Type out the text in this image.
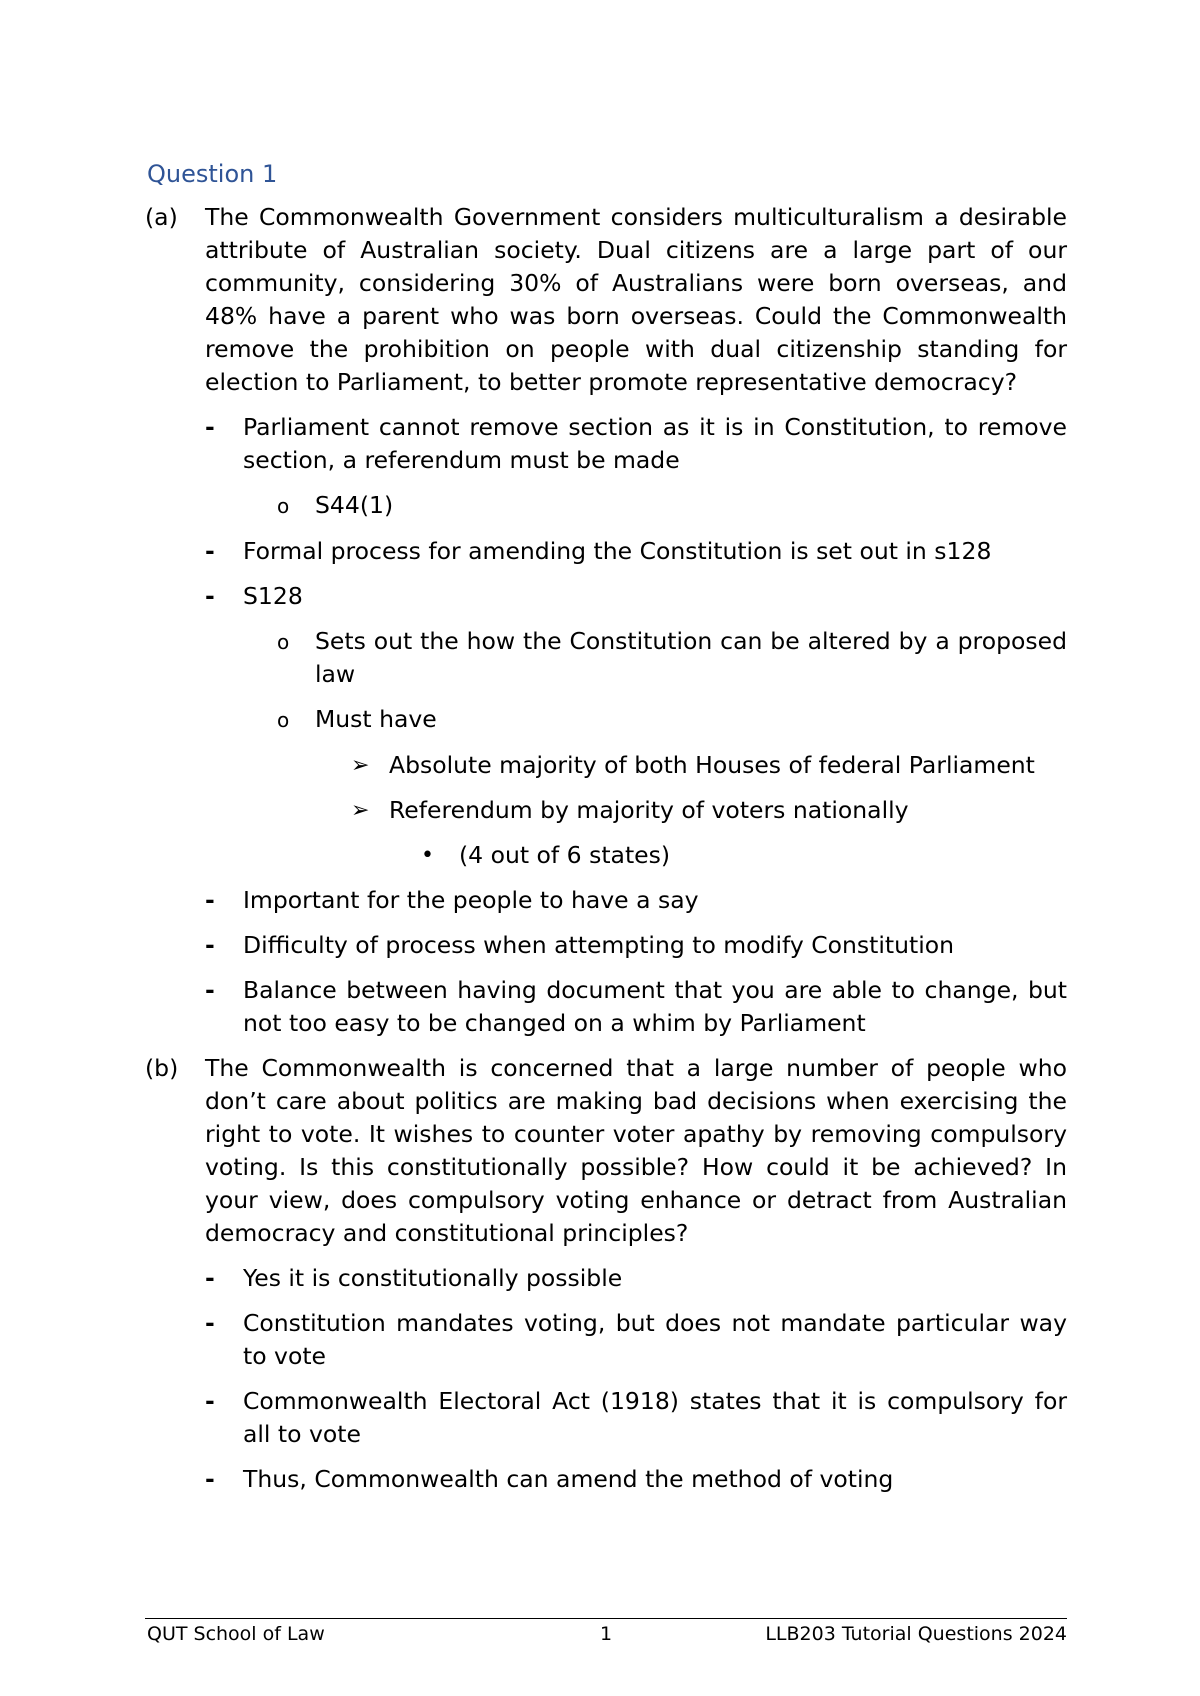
Question 1
(a)	The Commonwealth Government considers multiculturalism a desirable attribute of Australian society. Dual citizens are a large part of our community, considering 30% of Australians were born overseas, and 48% have a parent who was born overseas. Could the Commonwealth remove the prohibition on people with dual citizenship standing for election to Parliament, to better promote representative democracy?
-	Parliament cannot remove section as it is in Constitution, to remove section, a referendum must be made
o	S44(1)
-	Formal process for amending the Constitution is set out in s128
-	S128
o	Sets out the how the Constitution can be altered by a proposed law
o	Must have
➢ Absolute majority of both Houses of federal Parliament
➢ Referendum by majority of voters nationally
•	(4 out of 6 states)
-	Important for the people to have a say
-	Difficulty of process when attempting to modify Constitution
-	Balance between having document that you are able to change, but not too easy to be changed on a whim by Parliament
(b)	The Commonwealth is concerned that a large number of people who don’t care about politics are making bad decisions when exercising the right to vote. It wishes to counter voter apathy by removing compulsory voting. Is this constitutionally possible? How could it be achieved? In your view, does compulsory voting enhance or detract from Australian democracy and constitutional principles?
-	Yes it is constitutionally possible
-	Constitution mandates voting, but does not mandate particular way to vote
-	Commonwealth Electoral Act (1918) states that it is compulsory for all to vote
-	Thus, Commonwealth can amend the method of voting
QUT School of Law	1	LLB203 Tutorial Questions 2024
